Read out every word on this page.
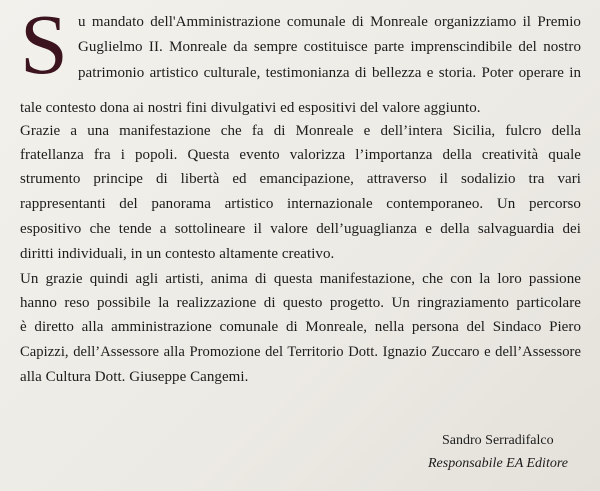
S u mandato dell'Amministrazione comunale di Monreale organizziamo il Premio
Guglielmo II. Monreale da sempre costituisce parte imprenscindibile del nostro
patrimonio artistico culturale, testimonianza di bellezza e storia. Poter operare in
tale contesto dona ai nostri fini divulgativi ed espositivi del valore aggiunto.
Grazie a una manifestazione che fa di Monreale e dell’intera Sicilia, fulcro della
fratellanza fra i popoli. Questa evento valorizza l’importanza della creatività quale
strumento principe di libertà ed emancipazione, attraverso il sodalizio tra vari
rappresentanti del panorama artistico internazionale contemporaneo. Un percorso
espositivo che tende a sottolineare il valore dell’uguaglianza e della salvaguardia dei
diritti individuali, in un contesto altamente creativo.
Un grazie quindi agli artisti, anima di questa manifestazione, che con la loro passione
hanno reso possibile la realizzazione di questo progetto. Un ringraziamento particolare
è diretto alla amministrazione comunale di Monreale, nella persona del Sindaco Piero
Capizzi, dell’Assessore alla Promozione del Territorio Dott. Ignazio Zuccaro e dell’Assessore
alla Cultura Dott. Giuseppe Cangemi.
Sandro Serradifalco
Responsabile EA Editore
